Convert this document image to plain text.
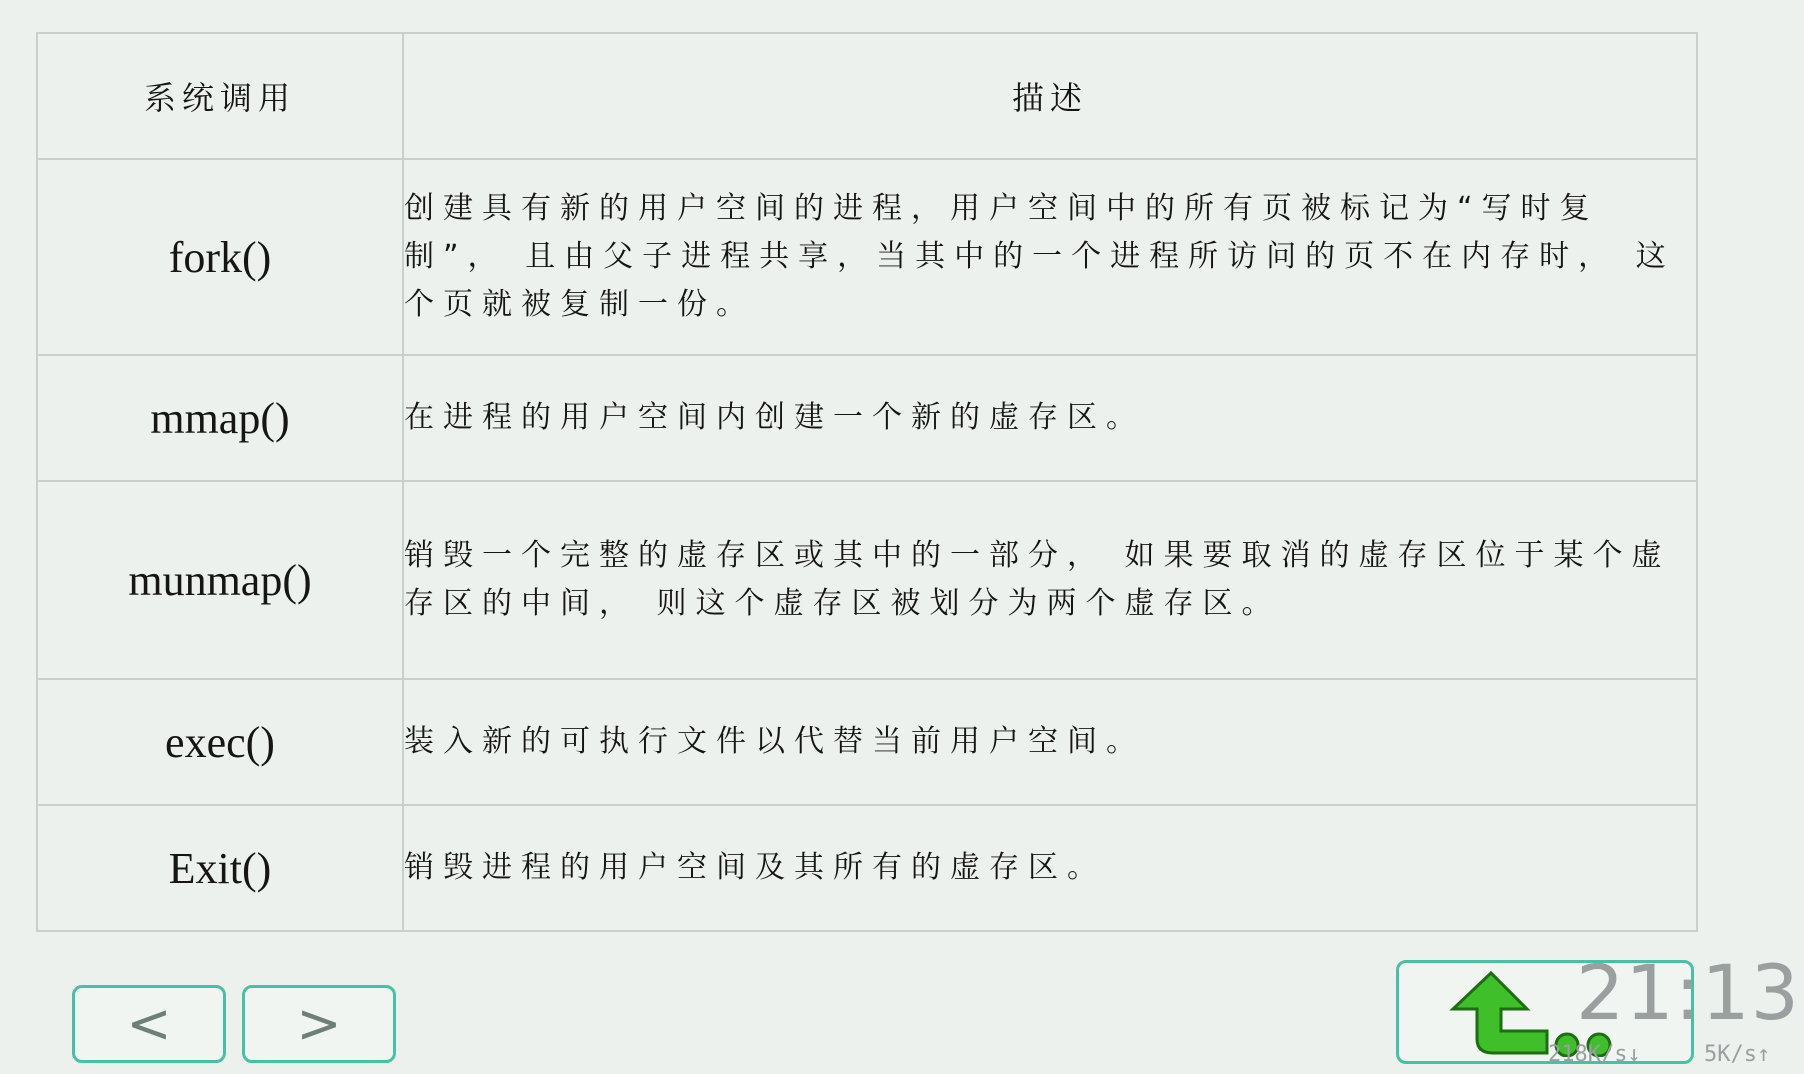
系统调用	描述
fork()	创建具有新的用户空间的进程，用户空间中的所有页被标记为“写时复制”， 且由父子进程共享，当其中的一个进程所访问的页不在内存时， 这个页就被复制一份。
mmap()	在进程的用户空间内创建一个新的虚存区。
munmap()	销毁一个完整的虚存区或其中的一部分， 如果要取消的虚存区位于某个虚存区的中间， 则这个虚存区被划分为两个虚存区。
exec()	装入新的可执行文件以代替当前用户空间。
Exit()	销毁进程的用户空间及其所有的虚存区。
<	>	21:13
218K/s↓	5K/s↑
